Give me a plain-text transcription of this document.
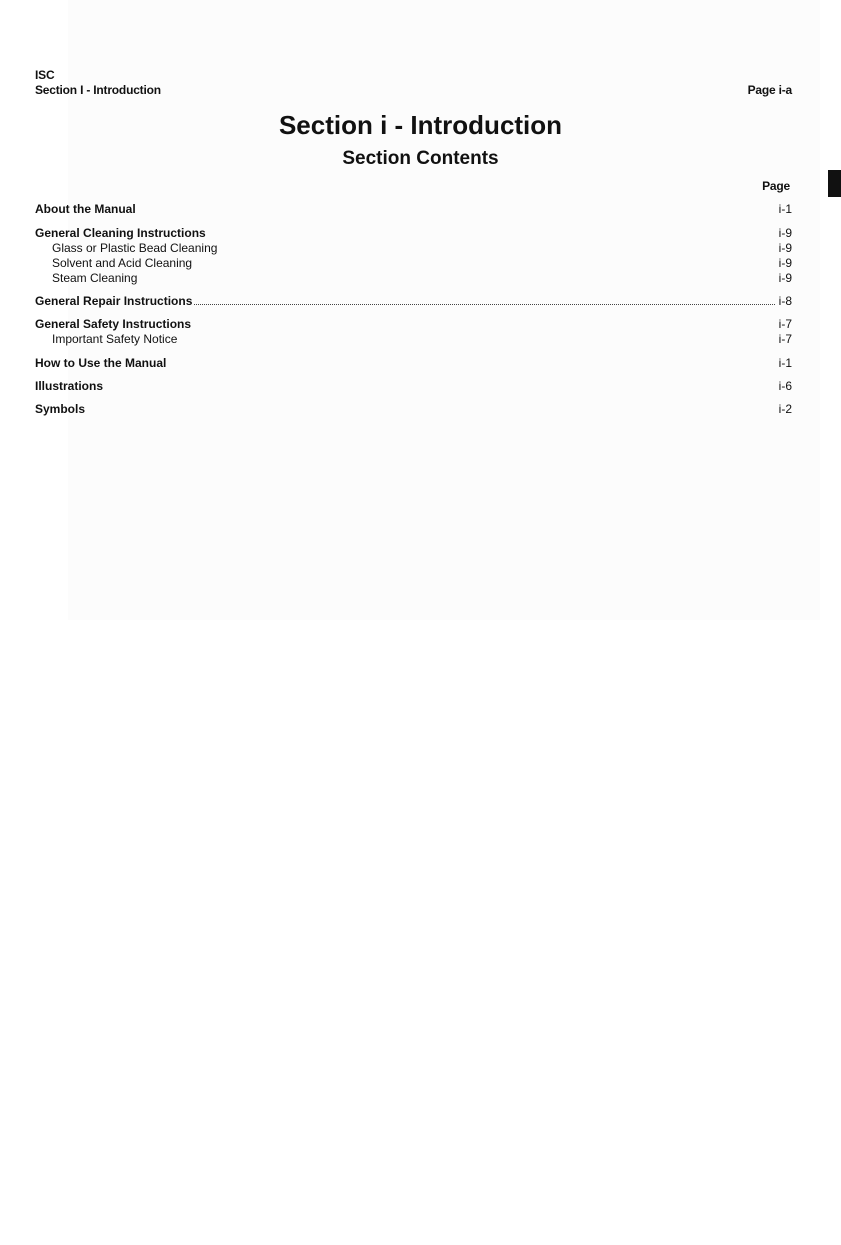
ISC
Section I - Introduction	Page i-a
Section i - Introduction
Section Contents
Page
About the Manual	i-1
General Cleaning Instructions	i-9
Glass or Plastic Bead Cleaning	i-9
Solvent and Acid Cleaning	i-9
Steam Cleaning	i-9
General Repair Instructions	i-8
General Safety Instructions	i-7
Important Safety Notice	i-7
How to Use the Manual	i-1
Illustrations	i-6
Symbols	i-2
